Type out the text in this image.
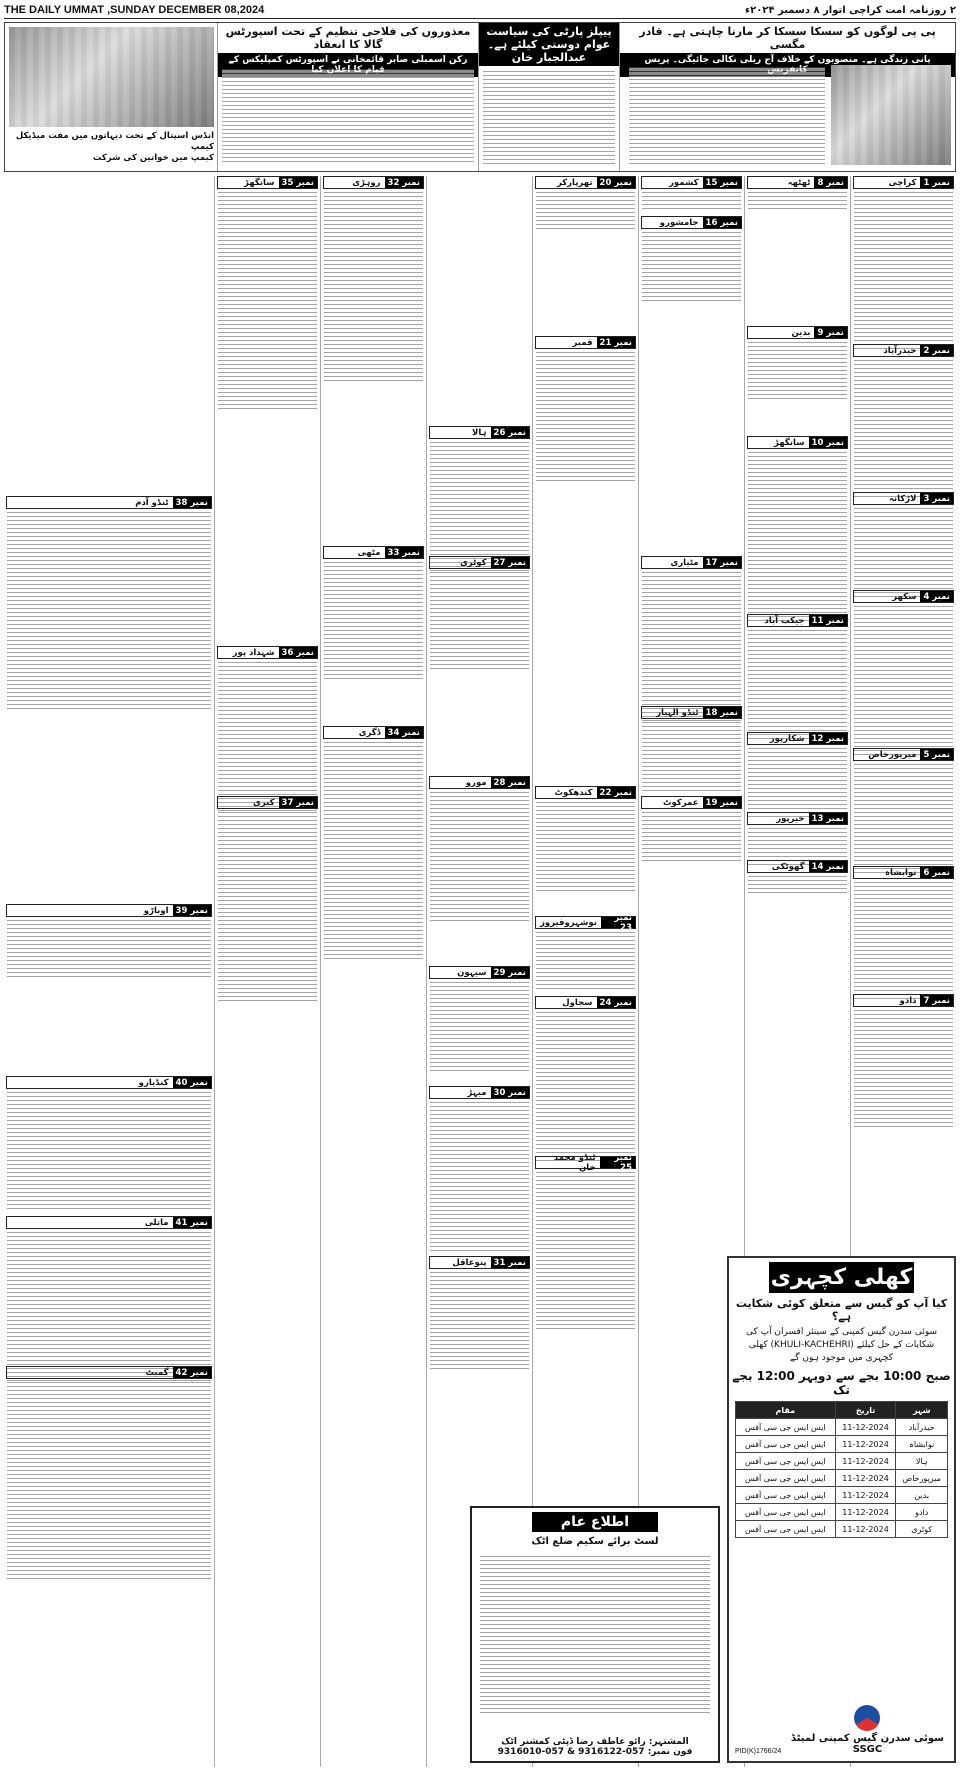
THE DAILY UMMAT ,SUNDAY DECEMBER 08,2024	۲ روزنامہ امت کراچی اتوار ۸ دسمبر ۲۰۲۴ء
پی پی لوگوں کو سسکا سسکا کر مارنا چاہتی ہے۔ قادر مگسی
پانی زندگی ہے۔ منصوبوں کے خلاف آج ریلی نکالی جائیگی۔ پریس
پیپلز پارٹی کی سیاست عوام دوستی کیلئے ہے۔ عبدالجبار خان
معذوروں کی فلاحی تنظیم کے تحت اسپورٹس گالا کا انعقاد
رکن اسمبلی صابر قائمخانی نے اسپورٹس کمپلیکس کے
انڈس اسپتال کے تحت دیہاتوں میں مفت میڈیکل کیمپ
کیمپ میں خواتین کی شرکت
نمبر 1
کراچی
نمبر 2
حیدرآباد
نمبر 3
لاڑکانہ
نمبر 4
سکھر
نمبر 5
میرپورخاص
نمبر 6
نوابشاہ
نمبر 7
دادو
نمبر 8
ٹھٹھہ
نمبر 9
بدین
نمبر 10
سانگھڑ
نمبر 11
جیکب آباد
نمبر 12
شکارپور
نمبر 13
خیرپور
نمبر 14
گھوٹکی
نمبر 15
کشمور
نمبر 16
جامشورو
نمبر 17
مٹیاری
نمبر 18
ٹنڈو الہیار
نمبر 19
عمرکوٹ
نمبر 20
تھرپارکر
نمبر 21
قمبر
نمبر 22
کندھکوٹ
نمبر 23
نوشہروفیروز
نمبر 24
سجاول
نمبر 25
ٹنڈو محمد خان
نمبر 26
ہالا
نمبر 27
کوٹری
نمبر 28
مورو
نمبر 29
سیہون
نمبر 30
میہڑ
نمبر 31
پنوعاقل
نمبر 32
روہڑی
نمبر 33
مٹھی
نمبر 34
ڈگری
نمبر 35
سانگھڑ
نمبر 36
شہداد پور
نمبر 37
کنری
نمبر 38
ٹنڈو آدم
نمبر 39
اوباڑو
نمبر 40
کنڈیارو
نمبر 41
ماتلی
نمبر 42
گمبٹ
کھلی کچہری
کیا آپ کو گیس سے متعلق کوئی شکایت ہے؟
سوئی سدرن گیس کمپنی کے سینئر افسران آپ کی شکایات کے حل کیلئے (KHULI-KACHEHRI) کھلی کچہری میں موجود ہوں گے
صبح 10:00 بجے سے دوپہر 12:00 بجے تک
شہر	تاریخ	مقام
حیدرآباد	11-12-2024	ایس ایس جی سی آفس
نوابشاہ	11-12-2024	ایس ایس جی سی آفس
ہالا	11-12-2024	ایس ایس جی سی آفس
میرپورخاص	11-12-2024	ایس ایس جی سی آفس
بدین	11-12-2024	ایس ایس جی سی آفس
دادو	11-12-2024	ایس ایس جی سی آفس
کوٹری	11-12-2024	ایس ایس جی سی آفس
سوئی سدرن گیس کمپنی لمیٹڈ
SSGC
PID(K)1766/24
اطلاع عام
لسٹ برائے سکیم ضلع اٹک
المشتہر: رائو عاطف رضا ڈپٹی کمشنر اٹک
فون نمبر: 057-9316122 & 057-9316010
